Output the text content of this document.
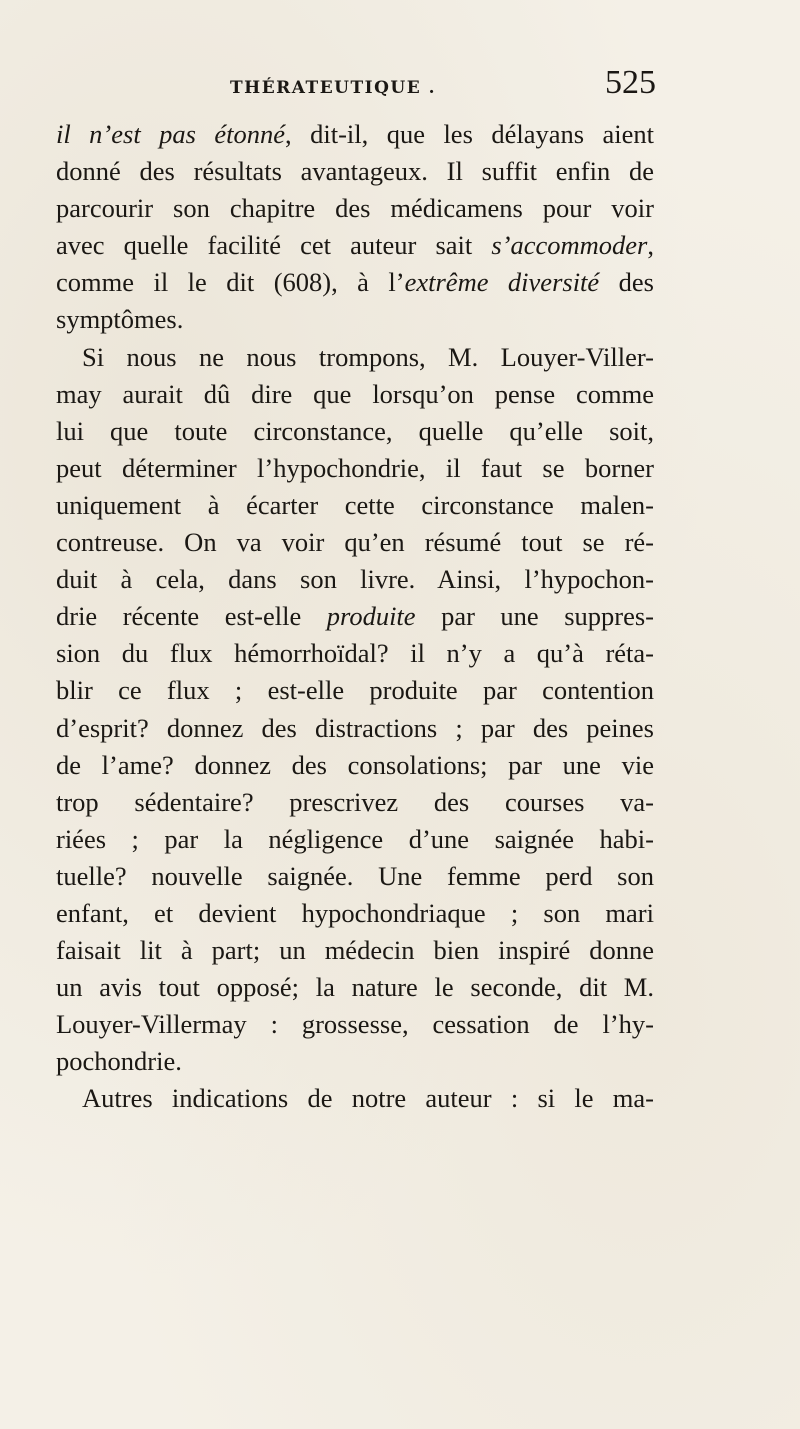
THÉRATEUTIQUE .	525
il n’est pas étonné, dit-il, que les délayans aient
donné des résultats avantageux. Il suffit enfin de
parcourir son chapitre des médicamens pour voir
avec quelle facilité cet auteur sait s’accommoder,
comme il le dit (608), à l’extrême diversité des
symptômes.
Si nous ne nous trompons, M. Louyer-Viller-
may aurait dû dire que lorsqu’on pense comme
lui que toute circonstance, quelle qu’elle soit,
peut déterminer l’hypochondrie, il faut se borner
uniquement à écarter cette circonstance malen-
contreuse. On va voir qu’en résumé tout se ré-
duit à cela, dans son livre. Ainsi, l’hypochon-
drie récente est-elle produite par une suppres-
sion du flux hémorrhoïdal? il n’y a qu’à réta-
blir ce flux ; est-elle produite par contention
d’esprit? donnez des distractions ; par des peines
de l’ame? donnez des consolations; par une vie
trop sédentaire? prescrivez des courses va-
riées ; par la négligence d’une saignée habi-
tuelle? nouvelle saignée. Une femme perd son
enfant, et devient hypochondriaque ; son mari
faisait lit à part; un médecin bien inspiré donne
un avis tout opposé; la nature le seconde, dit M.
Louyer-Villermay : grossesse, cessation de l’hy-
pochondrie.
Autres indications de notre auteur : si le ma-
